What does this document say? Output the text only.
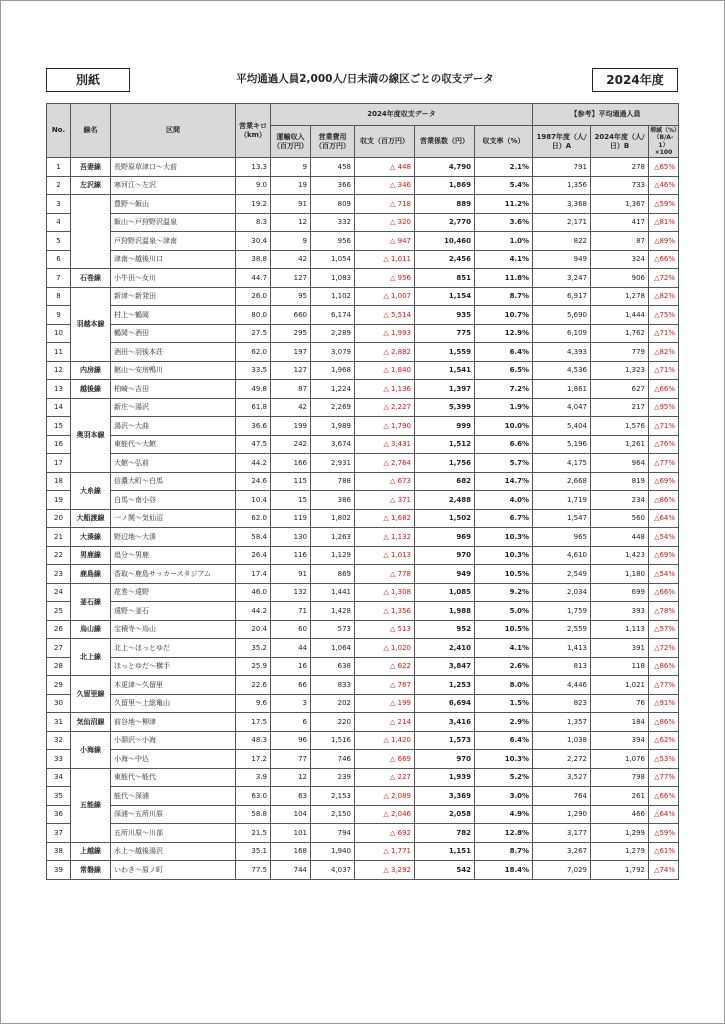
別紙	平均通過人員2,000人/日未満の線区ごとの収支データ	2024年度
No.	線名	区間	営業キロ（km）	2024年度収支データ					【参考】平均通過人員		
				運輸収入（百万円）	営業費用（百万円）	収支（百万円）	営業係数（円）	収支率（%）	1987年度（人/日）A	2024年度（人/日）B	増減（%）（B/A-1）×100
1	吾妻線	長野原草津口～大前	13.3	9	458	△ 448	4,790	2.1%	791	278	△65%
2	左沢線	寒河江～左沢	9.0	19	366	△ 346	1,869	5.4%	1,356	733	△46%
3		豊野～飯山	19.2	91	809	△ 718	889	11.2%	3,368	1,367	△59%
4		飯山～戸狩野沢温泉	8.3	12	332	△ 320	2,770	3.6%	2,171	417	△81%
5		戸狩野沢温泉～津南	30.4	9	956	△ 947	10,460	1.0%	822	87	△89%
6		津南～越後川口	38.8	42	1,054	△ 1,011	2,456	4.1%	949	324	△66%
7	石巻線	小牛田～女川	44.7	127	1,083	△ 956	851	11.8%	3,247	906	△72%
8	羽越本線	新津～新発田	26.0	95	1,102	△ 1,007	1,154	8.7%	6,917	1,278	△82%
9		村上～鶴岡	80.0	660	6,174	△ 5,514	935	10.7%	5,690	1,444	△75%
10		鶴岡～酒田	27.5	295	2,289	△ 1,993	775	12.9%	6,109	1,762	△71%
11		酒田～羽後本荘	62.0	197	3,079	△ 2,882	1,559	6.4%	4,393	779	△82%
12	内房線	館山～安房鴨川	33.5	127	1,968	△ 1,840	1,541	6.5%	4,536	1,323	△71%
13	越後線	柏崎～吉田	49.8	87	1,224	△ 1,136	1,397	7.2%	1,861	627	△66%
14	奥羽本線	新庄～湯沢	61.8	42	2,269	△ 2,227	5,399	1.9%	4,047	217	△95%
15		湯沢～大曲	36.6	199	1,989	△ 1,790	999	10.0%	5,404	1,576	△71%
16		東能代～大館	47.5	242	3,674	△ 3,431	1,512	6.6%	5,196	1,261	△76%
17		大館～弘前	44.2	166	2,931	△ 2,764	1,756	5.7%	4,175	964	△77%
18	大糸線	信濃大町～白馬	24.6	115	788	△ 673	682	14.7%	2,668	819	△69%
19		白馬～南小谷	10.4	15	386	△ 371	2,488	4.0%	1,719	234	△86%
20	大船渡線	一ノ関～気仙沼	62.0	119	1,802	△ 1,682	1,502	6.7%	1,547	560	△64%
21	大湊線	野辺地～大湊	58.4	130	1,263	△ 1,132	969	10.3%	965	448	△54%
22	男鹿線	追分～男鹿	26.4	116	1,129	△ 1,013	970	10.3%	4,610	1,423	△69%
23	鹿島線	香取～鹿島サッカースタジアム	17.4	91	869	△ 778	949	10.5%	2,549	1,180	△54%
24	釜石線	花巻～遠野	46.0	132	1,441	△ 1,308	1,085	9.2%	2,034	699	△66%
25		遠野～釜石	44.2	71	1,428	△ 1,356	1,988	5.0%	1,759	393	△78%
26	烏山線	宝積寺～烏山	20.4	60	573	△ 513	952	10.5%	2,559	1,113	△57%
27	北上線	北上～ほっとゆだ	35.2	44	1,064	△ 1,020	2,410	4.1%	1,413	391	△72%
28		ほっとゆだ～横手	25.9	16	638	△ 622	3,847	2.6%	813	118	△86%
29	久留里線	木更津～久留里	22.6	66	833	△ 767	1,253	8.0%	4,446	1,021	△77%
30		久留里～上総亀山	9.6	3	202	△ 199	6,694	1.5%	823	76	△91%
31	気仙沼線	前谷地～柳津	17.5	6	220	△ 214	3,416	2.9%	1,357	184	△86%
32	小海線	小淵沢～小海	48.3	96	1,516	△ 1,420	1,573	6.4%	1,038	394	△62%
33		小海～中込	17.2	77	746	△ 669	970	10.3%	2,272	1,076	△53%
34	五能線	東能代～能代	3.9	12	239	△ 227	1,939	5.2%	3,527	798	△77%
35		能代～深浦	63.0	63	2,153	△ 2,089	3,369	3.0%	764	261	△66%
36		深浦～五所川原	58.8	104	2,150	△ 2,046	2,058	4.9%	1,290	466	△64%
37		五所川原～川部	21.5	101	794	△ 692	782	12.8%	3,177	1,299	△59%
38	上越線	水上～越後湯沢	35.1	168	1,940	△ 1,771	1,151	8.7%	3,267	1,279	△61%
39	常磐線	いわき～原ノ町	77.5	744	4,037	△ 3,292	542	18.4%	7,029	1,792	△74%
